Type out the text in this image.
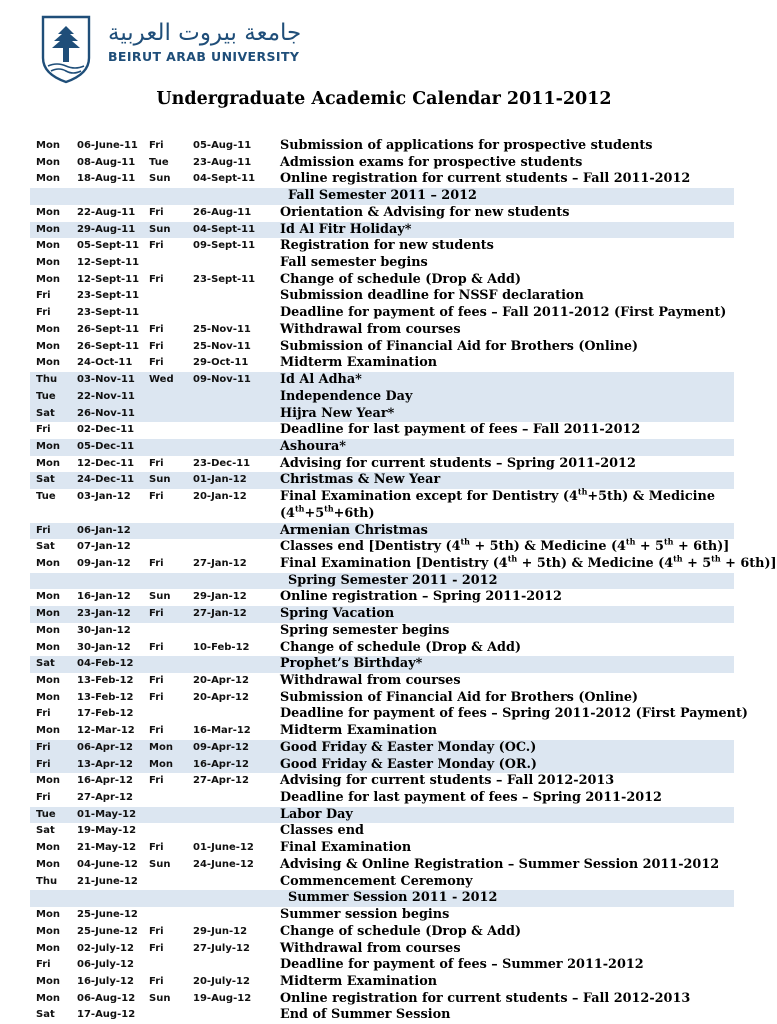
جامعة بيروت العربية
BEIRUT ARAB UNIVERSITY
Undergraduate Academic Calendar 2011-2012
Mon 06-June-11 Fri	05-Aug-11 Submission of applications for prospective students
Mon 08-Aug-11 Tue 23-Aug-11 Admission exams for prospective students
Mon 18-Aug-11 Sun 04-Sept-11 Online registration for current students – Fall 2011-2012
Fall Semester 2011 – 2012
Mon 22-Aug-11 Fri	26-Aug-11 Orientation & Advising for new students
Mon 29-Aug-11 Sun 04-Sept-11 Id Al Fitr Holiday*
Mon 05-Sept-11 Fri	09-Sept-11 Registration for new students
Mon 12-Sept-11	Fall semester begins
Mon 12-Sept-11 Fri	23-Sept-11 Change of schedule (Drop & Add)
Fri	23-Sept-11	Submission deadline for NSSF declaration
Fri	23-Sept-11	Deadline for payment of fees – Fall 2011-2012 (First Payment)
Mon 26-Sept-11 Fri	25-Nov-11 Withdrawal from courses
Mon 26-Sept-11 Fri	25-Nov-11 Submission of Financial Aid for Brothers (Online)
Mon 24-Oct-11 Fri	29-Oct-11 Midterm Examination
Thu 03-Nov-11 Wed 09-Nov-11 Id Al Adha*
Tue 22-Nov-11	Independence Day
Sat 26-Nov-11	Hijra New Year*
Fri	02-Dec-11	Deadline for last payment of fees – Fall 2011-2012
Mon 05-Dec-11	Ashoura*
Mon 12-Dec-11 Fri	23-Dec-11 Advising for current students – Spring 2011-2012
Sat 24-Dec-11 Sun 01-Jan-12	Christmas & New Year
Tue 03-Jan-12 Fri	20-Jan-12	Final Examination except for Dentistry (4th+5th) & Medicine (4th+5th+6th)
Fri	06-Jan-12	Armenian Christmas
Sat 07-Jan-12	Classes end [Dentistry (4th + 5th) & Medicine (4th + 5th + 6th)]
Mon 09-Jan-12 Fri	27-Jan-12	Final Examination [Dentistry (4th + 5th) & Medicine (4th + 5th + 6th)]
Spring Semester 2011 - 2012
Mon 16-Jan-12 Sun 29-Jan-12	Online registration – Spring 2011-2012
Mon 23-Jan-12 Fri	27-Jan-12	Spring Vacation
Mon 30-Jan-12	Spring semester begins
Mon 30-Jan-12 Fri	10-Feb-12 Change of schedule (Drop & Add)
Sat 04-Feb-12	Prophet’s Birthday*
Mon 13-Feb-12 Fri	20-Apr-12 Withdrawal from courses
Mon 13-Feb-12 Fri	20-Apr-12 Submission of Financial Aid for Brothers (Online)
Fri	17-Feb-12	Deadline for payment of fees – Spring 2011-2012 (First Payment)
Mon 12-Mar-12 Fri	16-Mar-12 Midterm Examination
Fri	06-Apr-12 Mon 09-Apr-12 Good Friday & Easter Monday (OC.)
Fri	13-Apr-12 Mon 16-Apr-12 Good Friday & Easter Monday (OR.)
Mon 16-Apr-12 Fri	27-Apr-12 Advising for current students – Fall 2012-2013
Fri	27-Apr-12	Deadline for last payment of fees – Spring 2011-2012
Tue 01-May-12	Labor Day
Sat 19-May-12	Classes end
Mon 21-May-12 Fri	01-June-12 Final Examination
Mon 04-June-12 Sun 24-June-12 Advising & Online Registration – Summer Session 2011-2012
Thu 21-June-12	Commencement Ceremony
Summer Session 2011 - 2012
Mon 25-June-12	Summer session begins
Mon 25-June-12 Fri	29-Jun-12	Change of schedule (Drop & Add)
Mon 02-July-12 Fri	27-July-12 Withdrawal from courses
Fri	06-July-12	Deadline for payment of fees – Summer 2011-2012
Mon 16-July-12 Fri	20-July-12 Midterm Examination
Mon 06-Aug-12 Sun 19-Aug-12 Online registration for current students – Fall 2012-2013
Sat 17-Aug-12	End of Summer Session
